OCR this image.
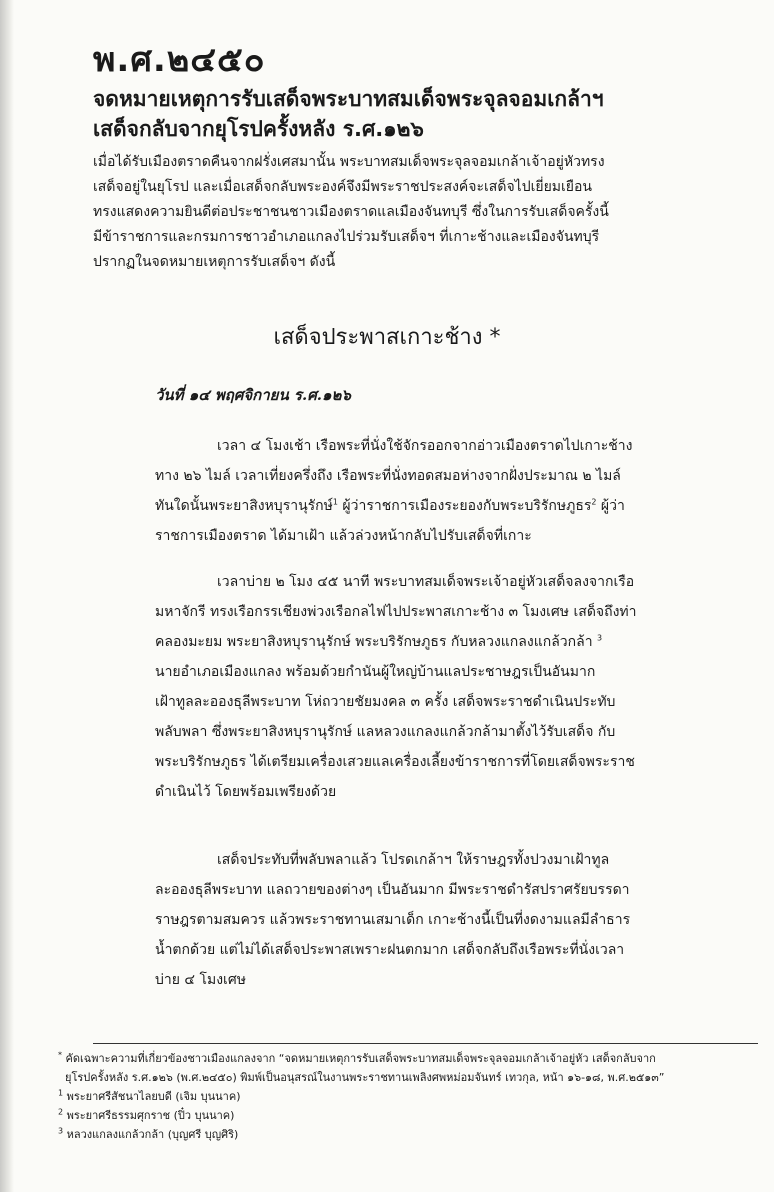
พ.ศ.๒๔๕๐
จดหมายเหตุการรับเสด็จพระบาทสมเด็จพระจุลจอมเกล้าฯ
เสด็จกลับจากยุโรปครั้งหลัง ร.ศ.๑๒๖
เมื่อได้รับเมืองตราดคืนจากฝรั่งเศสมานั้น พระบาทสมเด็จพระจุลจอมเกล้าเจ้าอยู่หัวทรง
เสด็จอยู่ในยุโรป และเมื่อเสด็จกลับพระองค์จึงมีพระราชประสงค์จะเสด็จไปเยี่ยมเยือน
ทรงแสดงความยินดีต่อประชาชนชาวเมืองตราดแลเมืองจันทบุรี ซึ่งในการรับเสด็จครั้งนี้
มีข้าราชการและกรมการชาวอำเภอแกลงไปร่วมรับเสด็จฯ ที่เกาะช้างและเมืองจันทบุรี
ปรากฏในจดหมายเหตุการรับเสด็จฯ ดังนี้
เสด็จประพาสเกาะช้าง *
วันที่ ๑๔ พฤศจิกายน ร.ศ.๑๒๖
เวลา ๔ โมงเช้า เรือพระที่นั่งใช้จักรออกจากอ่าวเมืองตราดไปเกาะช้าง
ทาง ๒๖ ไมล์ เวลาเที่ยงครึ่งถึง เรือพระที่นั่งทอดสมอห่างจากฝั่งประมาณ ๒ ไมล์
ทันใดนั้นพระยาสิงหบุรานุรักษ์$^1$ ผู้ว่าราชการเมืองระยองกับพระบริรักษภูธร$^2$ ผู้ว่า
ราชการเมืองตราด ได้มาเฝ้า แล้วล่วงหน้ากลับไปรับเสด็จที่เกาะ
เวลาบ่าย ๒ โมง ๔๕ นาที พระบาทสมเด็จพระเจ้าอยู่หัวเสด็จลงจากเรือ
มหาจักรี ทรงเรือกรรเชียงพ่วงเรือกลไฟไปประพาสเกาะช้าง ๓ โมงเศษ เสด็จถึงท่า
คลองมะยม พระยาสิงหบุรานุรักษ์ พระบริรักษภูธร กับหลวงแกลงแกล้วกล้า $^3$
นายอำเภอเมืองแกลง พร้อมด้วยกำนันผู้ใหญ่บ้านแลประชาษฎรเป็นอันมาก
เฝ้าทูลละอองธุลีพระบาท โห่ถวายชัยมงคล ๓ ครั้ง เสด็จพระราชดำเนินประทับ
พลับพลา ซึ่งพระยาสิงหบุรานุรักษ์ แลหลวงแกลงแกล้วกล้ามาตั้งไว้รับเสด็จ กับ
พระบริรักษภูธร ได้เตรียมเครื่องเสวยแลเครื่องเลี้ยงข้าราชการที่โดยเสด็จพระราช
ดำเนินไว้ โดยพร้อมเพรียงด้วย
เสด็จประทับที่พลับพลาแล้ว โปรดเกล้าฯ ให้ราษฎรทั้งปวงมาเฝ้าทูล
ละอองธุลีพระบาท แลถวายของต่างๆ เป็นอันมาก มีพระราชดำรัสปราศรัยบรรดา
ราษฎรตามสมควร แล้วพระราชทานเสมาเด็ก เกาะช้างนี้เป็นที่งดงามแลมีลำธาร
น้ำตกด้วย แต่ไม่ได้เสด็จประพาสเพราะฝนตกมาก เสด็จกลับถึงเรือพระที่นั่งเวลา
บ่าย ๔ โมงเศษ
* คัดเฉพาะความที่เกี่ยวข้องชาวเมืองแกลงจาก “จดหมายเหตุการรับเสด็จพระบาทสมเด็จพระจุลจอมเกล้าเจ้าอยู่หัว เสด็จกลับจาก
ยุโรปครั้งหลัง ร.ศ.๑๒๖ (พ.ศ.๒๔๕๐) พิมพ์เป็นอนุสรณ์ในงานพระราชทานเพลิงศพหม่อมจันทร์ เทวกุล, หน้า ๑๖-๑๘, พ.ศ.๒๕๑๓”
$^1$ พระยาศรีสัชนาไลยบดี (เจิม บุนนาค)
$^2$ พระยาศรีธรรมศุกราช (ปิ๋ว บุนนาค)
$^3$ หลวงแกลงแกล้วกล้า (บุญศรี บุญศิริ)
